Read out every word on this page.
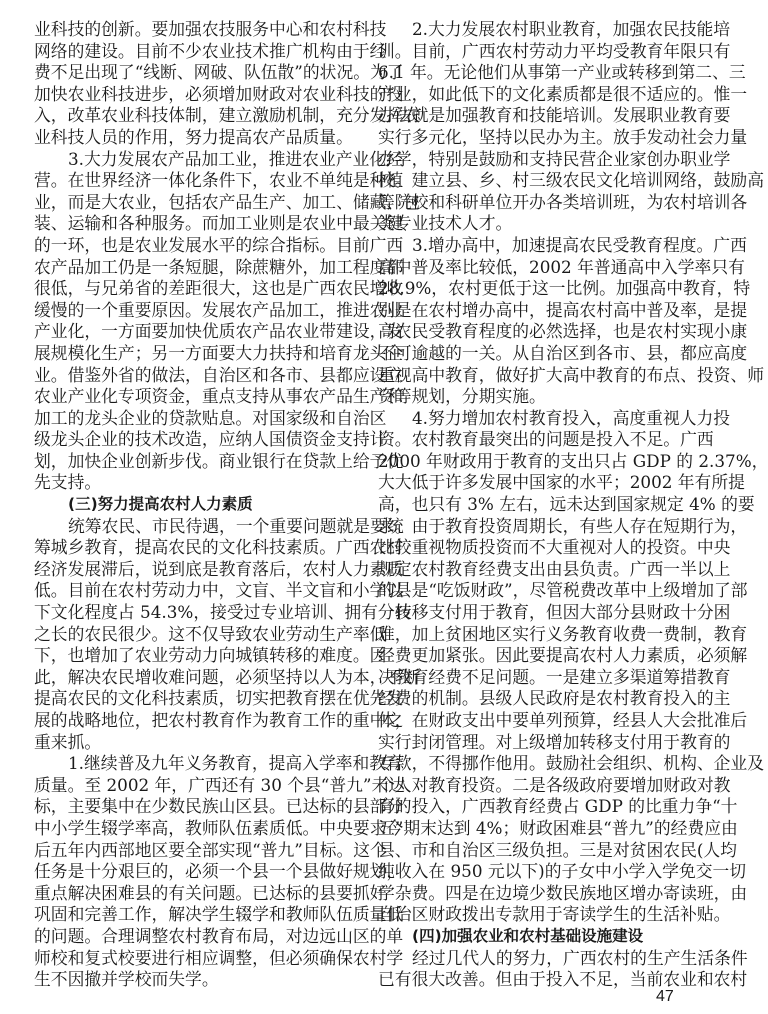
业科技的创新。要加强农技服务中心和农村科技
网络的建设。目前不少农业技术推广机构由于经
费不足出现了“线断、网破、队伍散”的状况。为了
加快农业科技进步，必须增加财政对农业科技的投
入，改革农业科技体制，建立激励机制，充分发挥农
业科技人员的作用，努力提高农产品质量。
3.大力发展农产品加工业，推进农业产业化经
营。在世界经济一体化条件下，农业不单纯是种植
业，而是大农业，包括农产品生产、加工、储藏、包
装、运输和各种服务。而加工业则是农业中最关键
的一环，也是农业发展水平的综合指标。目前广西
农产品加工仍是一条短腿，除蔗糖外，加工程度都
很低，与兄弟省的差距很大，这也是广西农民增收
缓慢的一个重要原因。发展农产品加工，推进农业
产业化，一方面要加快优质农产品农业带建设，发
展规模化生产；另一方面要大力扶持和培育龙头企
业。借鉴外省的做法，自治区和各市、县都应设立
农业产业化专项资金，重点支持从事农产品生产和
加工的龙头企业的贷款贴息。对国家级和自治区
级龙头企业的技术改造，应纳人国债资金支持计
划，加快企业创新步伐。商业银行在贷款上给予优
先支持。
(三)努力提高农村人力素质
统筹农民、市民待遇，一个重要问题就是要统
筹城乡教育，提高农民的文化科技素质。广西农村
经济发展滞后，说到底是教育落后，农村人力素质
低。目前在农村劳动力中，文盲、半文盲和小学以
下文化程度占 54.3%，接受过专业培训、拥有一技
之长的农民很少。这不仅导致农业劳动生产率低
下，也增加了农业劳动力向城镇转移的难度。因
此，解决农民增收难问题，必须坚持以人为本，不断
提高农民的文化科技素质，切实把教育摆在优先发
展的战略地位，把农村教育作为教育工作的重中之
重来抓。
1.继续普及九年义务教育，提高入学率和教育
质量。至 2002 年，广西还有 30 个县“普九”未达
标，主要集中在少数民族山区县。已达标的县部分
中小学生辍学率高，教师队伍素质低。中央要求今
后五年内西部地区要全部实现“普九”目标。这个
任务是十分艰巨的，必须一个县一个县做好规划，
重点解决困难县的有关问题。已达标的县要抓好
巩固和完善工作，解决学生辍学和教师队伍质量低
的问题。合理调整农村教育布局，对边远山区的单
师校和复式校要进行相应调整，但必须确保农村学
生不因撤并学校而失学。
2.大力发展农村职业教育，加强农民技能培
训。目前，广西农村劳动力平均受教育年限只有
6.1 年。无论他们从事第一产业或转移到第二、三
产业，如此低下的文化素质都是很不适应的。惟一
办法就是加强教育和技能培训。发展职业教育要
实行多元化，坚持以民办为主。放手发动社会力量
办学，特别是鼓励和支持民营企业家创办职业学
校。建立县、乡、村三级农民文化培训网络，鼓励高
等院校和科研单位开办各类培训班，为农村培训各
类专业技术人才。
3.增办高中，加速提高农民受教育程度。广西
高中普及率比较低，2002 年普通高中入学率只有
28.9%，农村更低于这一比例。加强高中教育，特
别是在农村增办高中，提高农村高中普及率，是提
高农民受教育程度的必然选择，也是农村实现小康
不可逾越的一关。从自治区到各市、县，都应高度
重视高中教育，做好扩大高中教育的布点、投资、师
资等规划，分期实施。
4.努力增加农村教育投入，高度重视人力投
资。农村教育最突出的问题是投入不足。广西
2000 年财政用于教育的支出只占 GDP 的 2.37%，
大大低于许多发展中国家的水平；2002 年有所提
高，也只有 3% 左右，远未达到国家规定 4% 的要
求。由于教育投资周期长，有些人存在短期行为，
比较重视物质投资而不大重视对人的投资。中央
规定农村教育经费支出由县负责。广西一半以上
的县是“吃饭财政”，尽管税费改革中上级增加了部
分转移支付用于教育，但因大部分县财政十分困
难，加上贫困地区实行义务教育收费一费制，教育
经费更加紧张。因此要提高农村人力素质，必须解
决教育经费不足问题。一是建立多渠道筹措教育
经费的机制。县级人民政府是农村教育投入的主
体，在财政支出中要单列预算，经县人大会批准后
实行封闭管理。对上级增加转移支付用于教育的
专款，不得挪作他用。鼓励社会组织、机构、企业及
个人对教育投资。二是各级政府要增加财政对教
育的投入，广西教育经费占 GDP 的比重力争“十
五”期末达到 4%；财政困难县“普九”的经费应由
县、市和自治区三级负担。三是对贫困农民(人均
纯收入在 950 元以下)的子女中小学入学免交一切
学杂费。四是在边境少数民族地区增办寄读班，由
自治区财政拨出专款用于寄读学生的生活补贴。
(四)加强农业和农村基础设施建设
经过几代人的努力，广西农村的生产生活条件
已有很大改善。但由于投入不足，当前农业和农村
47
